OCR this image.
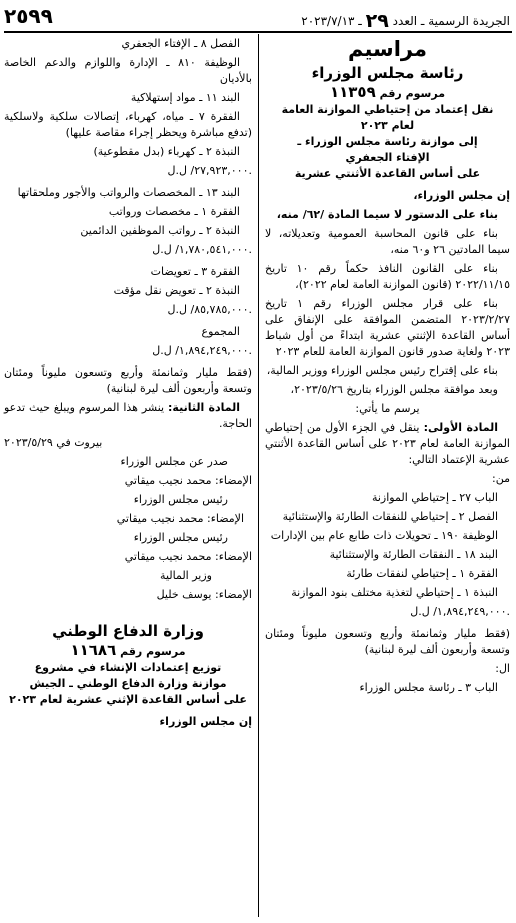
الجريدة الرسمية ـ العدد ٢٩ ـ ٢٠٢٣/٧/١٣
٢٥٩٩
مراسيم
رئاسة مجلس الوزراء
مرسوم رقم ١١٣٥٩
نقل إعتماد من إحتياطي الموازنة العامة
لعام ٢٠٢٣
إلى موازنة رئاسة مجلس الوزراء ـ
الإفتاء الجعفري
على أساس القاعدة الأثنتي عشرية
إن مجلس الوزراء،
بناء على الدستور لا سيما المادة /٦٢/ منه،
بناء على قانون المحاسبة العمومية وتعديلاته، لا سيما المادتين ٢٦ و٦٠ منه،
بناء على القانون النافذ حكماً رقم ١٠ تاريخ ٢٠٢٢/١١/١٥ (قانون الموازنة العامة لعام ٢٠٢٢)،
بناء على قرار مجلس الوزراء رقم ١ تاريخ ٢٠٢٣/٢/٢٧ المتضمن الموافقة على الإنفاق على أساس القاعدة الإثنتي عشرية ابتداءً من أول شباط ٢٠٢٣ ولغاية صدور قانون الموازنة العامة للعام ٢٠٢٣
بناء على إقتراح رئيس مجلس الوزراء ووزير المالية،
وبعد موافقة مجلس الوزراء بتاريخ ٢٠٢٣/٥/٢٦،
يرسم ما يأتي:
المادة الأولى: ينقل في الجزء الأول من إحتياطي الموازنة العامة لعام ٢٠٢٣ على أساس القاعدة الأثنتي عشرية الإعتماد التالي:
من:
الباب ٢٧ ـ إحتياطي الموازنة
الفصل ٢ ـ إحتياطي للنفقات الطارئة والإستثنائية
الوظيفة ١٩٠ ـ تحويلات ذات طابع عام بين الإدارات
البند ١٨ ـ النفقات الطارئة والإستثنائية
الفقرة ١ ـ إحتياطي لنفقات طارئة
النبذة ١ ـ إحتياطي لتغذية مختلف بنود الموازنة
١,٨٩٤,٢٤٩,٠٠٠/ ل.ل.
(فقط مليار وثمانمئة وأربع وتسعون مليوناً ومئتان وتسعة وأربعون ألف ليرة لبنانية)
ال:
الباب ٣ ـ رئاسة مجلس الوزراء
الفصل ٨ ـ الإفتاء الجعفري
الوظيفة ٨١٠ ـ الإدارة واللوازم والدعم الخاصة بالأديان
البند ١١ ـ مواد إستهلاكية
الفقرة ٧ ـ مياه، كهرباء، إتصالات سلكية ولاسلكية (تدفع مباشرة ويحظر إجراء مقاصة عليها)
النبذة ٢ ـ كهرباء (بدل مقطوعية)
٢٧,٩٢٣,٠٠٠/ ل.ل.
البند ١٣ ـ المخصصات والرواتب والأجور وملحقاتها
الفقرة ١ ـ مخصصات ورواتب
النبذة ٢ ـ رواتب الموظفين الدائمين
١,٧٨٠,٥٤١,٠٠٠/ ل.ل.
الفقرة ٣ ـ تعويضات
النبذة ٢ ـ تعويض نقل مؤقت
٨٥,٧٨٥,٠٠٠/ ل.ل.
المجموع
١,٨٩٤,٢٤٩,٠٠٠/ ل.ل.
(فقط مليار وثمانمئة وأربع وتسعون مليوناً ومئتان وتسعة وأربعون ألف ليرة لبنانية)
المادة الثانية: ينشر هذا المرسوم ويبلغ حيث تدعو الحاجة.
بيروت في ٢٠٢٣/٥/٢٩
صدر عن مجلس الوزراء
الإمضاء: محمد نجيب ميقاتي
رئيس مجلس الوزراء
الإمضاء: محمد نجيب ميقاتي
رئيس مجلس الوزراء
الإمضاء: محمد نجيب ميقاتي
وزير المالية
الإمضاء: يوسف خليل
وزارة الدفاع الوطني
مرسوم رقم ١١٦٨٦
توزيع إعتمادات الإنشاء في مشروع
موازنة وزارة الدفاع الوطني ـ الجيش
على أساس القاعدة الإثني عشرية لعام ٢٠٢٣
إن مجلس الوزراء
